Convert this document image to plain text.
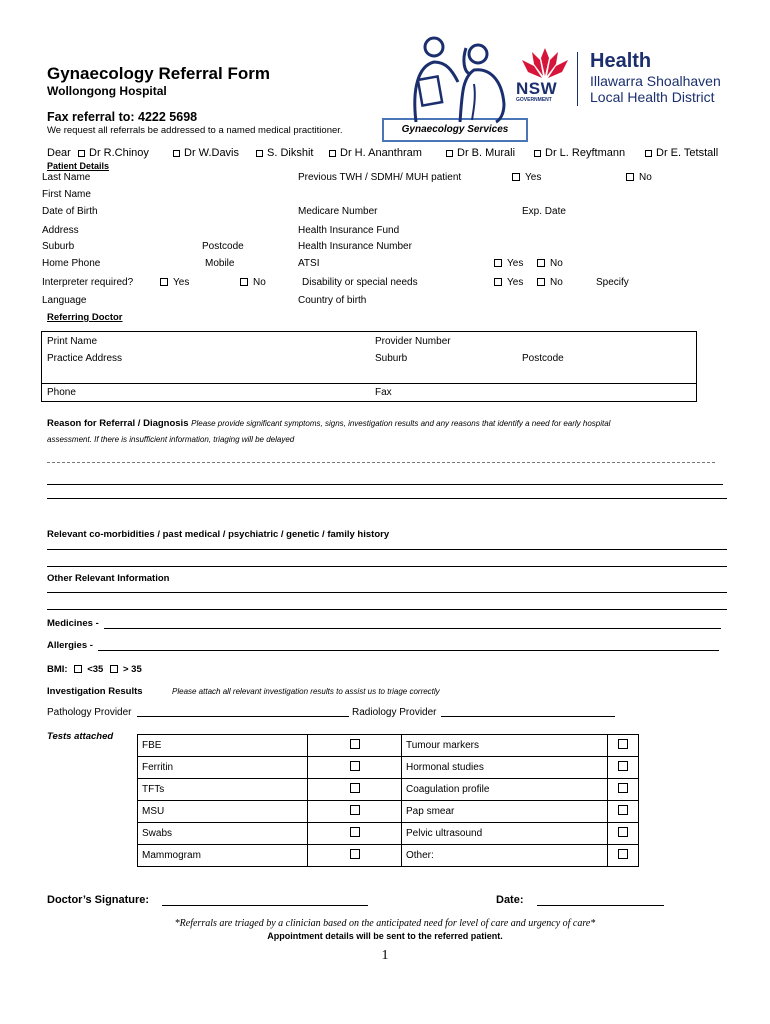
Gynaecology Referral Form
Wollongong Hospital
Fax referral to: 4222 5698
We request all referrals be addressed to a named medical practitioner.	Gynaecology Services
NSW
GOVERNMENT
Health
Illawarra Shoalhaven
Local Health District
Dear	Dr R.Chinoy	Dr W.Davis	S. Dikshit	Dr H. Ananthram	Dr B. Murali	Dr L. Reyftmann	Dr E. Tetstall
Patient Details
Last Name	Previous TWH / SDMH/ MUH patient	Yes	No
First Name
Date of Birth	Medicare Number	Exp. Date
Address	Health Insurance Fund
Suburb	Postcode	Health Insurance Number
Home Phone	Mobile	ATSI	Yes	No
Interpreter required?	Yes	No	Disability or special needs	Yes	No	Specify
Language	Country of birth
Referring Doctor
Print Name	Provider Number
Practice Address	Suburb	Postcode
Phone	Fax
Reason for Referral / Diagnosis Please provide significant symptoms, signs, investigation results and any reasons that identify a need for early hospital
assessment. If there is insufficient information, triaging will be delayed
Relevant co-morbidities / past medical / psychiatric / genetic / family history
Other Relevant Information
Medicines -
Allergies -
BMI: <35 > 35
Investigation Results	Please attach all relevant investigation results to assist us to triage correctly
Pathology Provider	Radiology Provider
Tests attached
FBE		Tumour markers	
Ferritin		Hormonal studies	
TFTs		Coagulation profile	
MSU		Pap smear	
Swabs		Pelvic ultrasound	
Mammogram		Other:	
Doctor’s Signature:	Date:
*Referrals are triaged by a clinician based on the anticipated need for level of care and urgency of care*
Appointment details will be sent to the referred patient.
1
